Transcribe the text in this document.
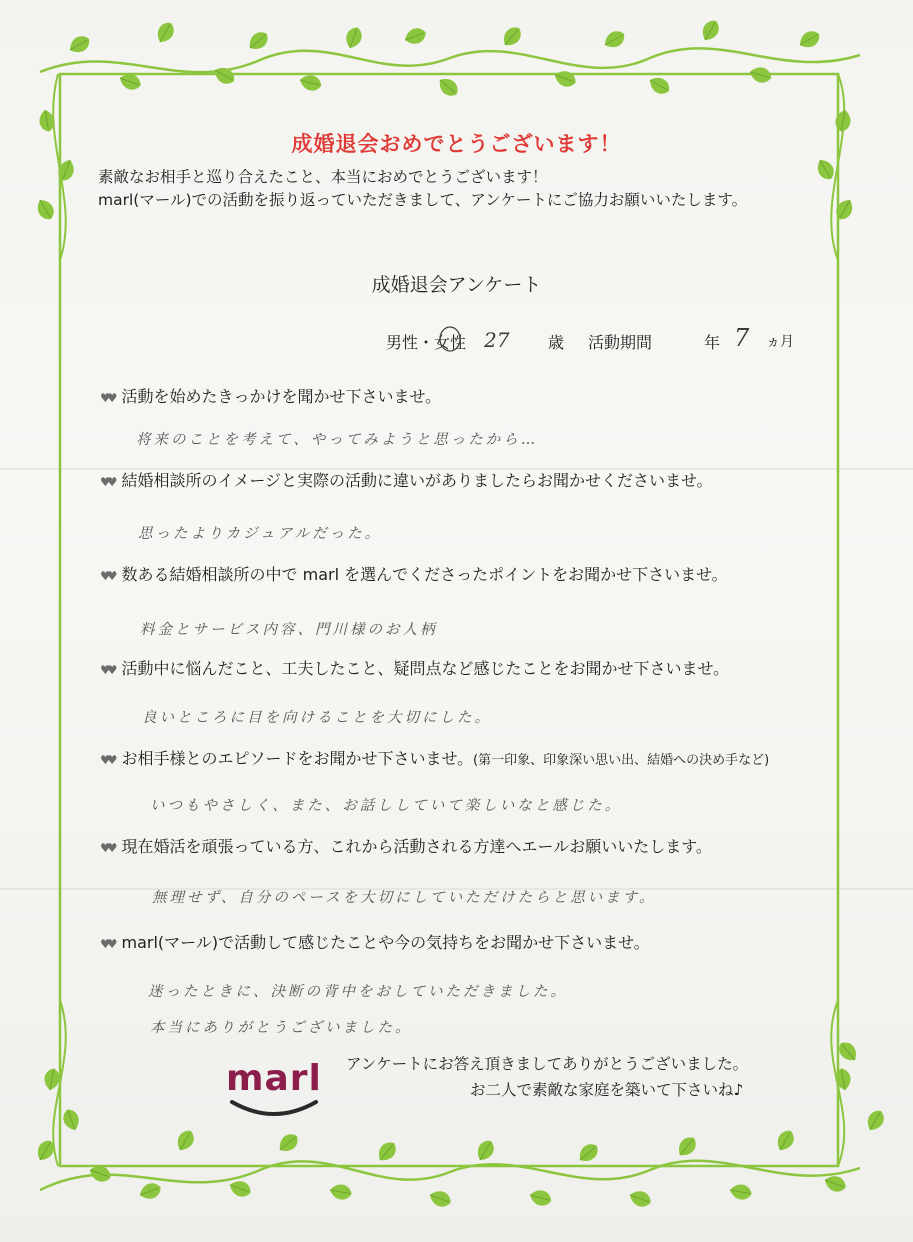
成婚退会おめでとうございます！
素敵なお相手と巡り合えたこと、本当におめでとうございます！
marl(マール)での活動を振り返っていただきまして、アンケートにご協力お願いいたします。
成婚退会アンケート
男性・女性 27 歳 活動期間	年 7 ヵ月
♥♥ 活動を始めたきっかけを聞かせ下さいませ。
将来のことを考えて、やってみようと思ったから…
♥♥ 結婚相談所のイメージと実際の活動に違いがありましたらお聞かせくださいませ。
思ったよりカジュアルだった。
♥♥ 数ある結婚相談所の中で marl を選んでくださったポイントをお聞かせ下さいませ。
料金とサービス内容、門川様のお人柄
♥♥ 活動中に悩んだこと、工夫したこと、疑問点など感じたことをお聞かせ下さいませ。
良いところに目を向けることを大切にした。
♥♥ お相手様とのエピソードをお聞かせ下さいませ。(第一印象、印象深い思い出、結婚への決め手など)
いつもやさしく、また、お話ししていて楽しいなと感じた。
♥♥ 現在婚活を頑張っている方、これから活動される方達へエールお願いいたします。
無理せず、自分のペースを大切にしていただけたらと思います。
♥♥ marl(マール)で活動して感じたことや今の気持ちをお聞かせ下さいませ。
迷ったときに、決断の背中をおしていただきました。
本当にありがとうございました。
marl アンケートにお答え頂きましてありがとうございました。
お二人で素敵な家庭を築いて下さいね♪
